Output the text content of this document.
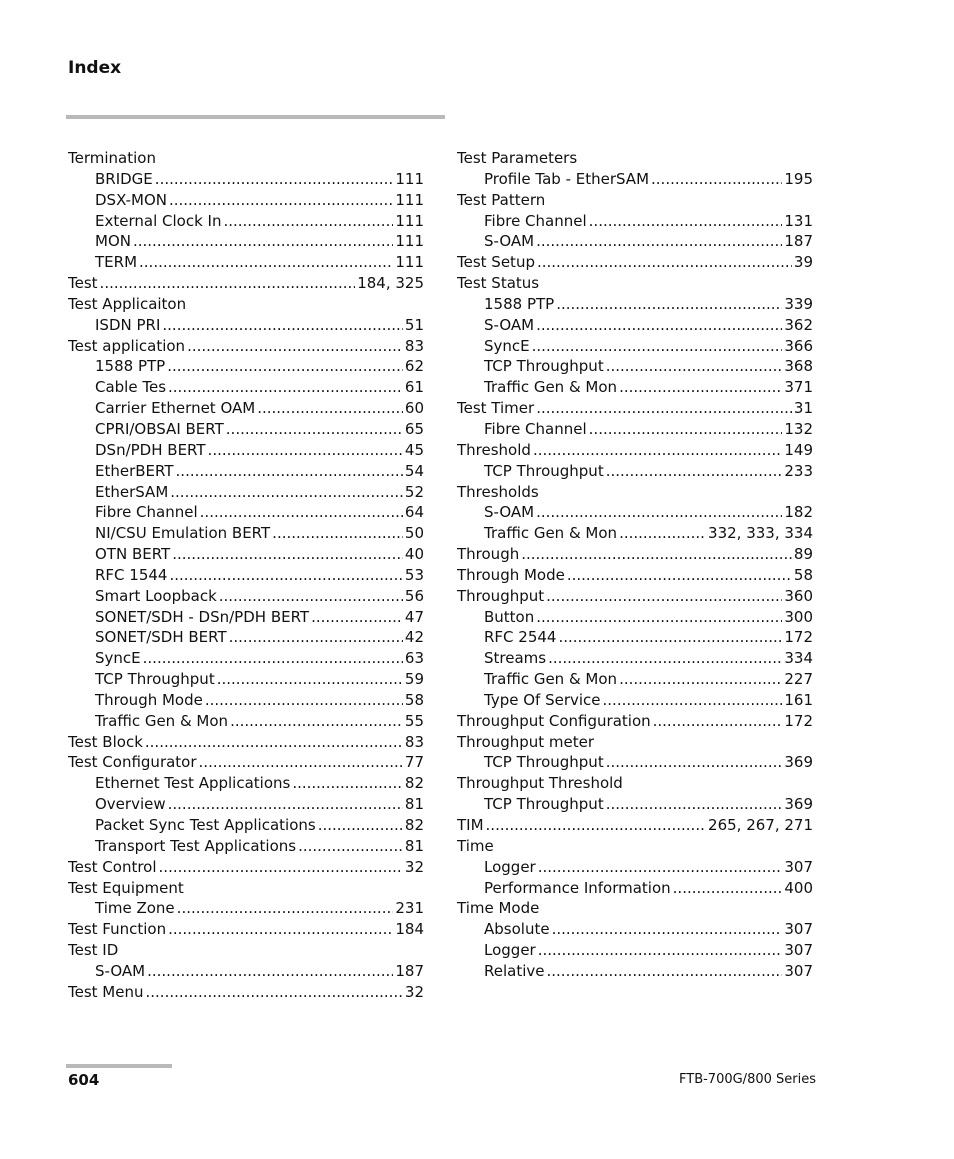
Index
Termination
BRIDGE .....	111
DSX-MON .....	111
External Clock In .....	111
MON .....	111
TERM .....	111
Test .....	184, 325
Test Applicaiton
ISDN PRI .....	51
Test application .....	83
1588 PTP .....	62
Cable Tes .....	61
Carrier Ethernet OAM .....	60
CPRI/OBSAI BERT .....	65
DSn/PDH BERT .....	45
EtherBERT .....	54
EtherSAM .....	52
Fibre Channel .....	64
NI/CSU Emulation BERT .....	50
OTN BERT .....	40
RFC 1544 .....	53
Smart Loopback .....	56
SONET/SDH - DSn/PDH BERT .....	47
SONET/SDH BERT .....	42
SyncE .....	63
TCP Throughput .....	59
Through Mode .....	58
Traffic Gen & Mon .....	55
Test Block .....	83
Test Configurator .....	77
Ethernet Test Applications .....	82
Overview .....	81
Packet Sync Test Applications .....	82
Transport Test Applications .....	81
Test Control .....	32
Test Equipment
Time Zone .....	231
Test Function .....	184
Test ID
S-OAM .....	187
Test Menu .....	32
Test Parameters
Profile Tab - EtherSAM .....	195
Test Pattern
Fibre Channel .....	131
S-OAM .....	187
Test Setup .....	39
Test Status
1588 PTP .....	339
S-OAM .....	362
SyncE .....	366
TCP Throughput .....	368
Traffic Gen & Mon .....	371
Test Timer .....	31
Fibre Channel .....	132
Threshold .....	149
TCP Throughput .....	233
Thresholds
S-OAM .....	182
Traffic Gen & Mon .....	332, 333, 334
Through .....	89
Through Mode .....	58
Throughput .....	360
Button .....	300
RFC 2544 .....	172
Streams .....	334
Traffic Gen & Mon .....	227
Type Of Service .....	161
Throughput Configuration .....	172
Throughput meter
TCP Throughput .....	369
Throughput Threshold
TCP Throughput .....	369
TIM .....	265, 267, 271
Time
Logger .....	307
Performance Information .....	400
Time Mode
Absolute .....	307
Logger .....	307
Relative .....	307
604	FTB-700G/800 Series
